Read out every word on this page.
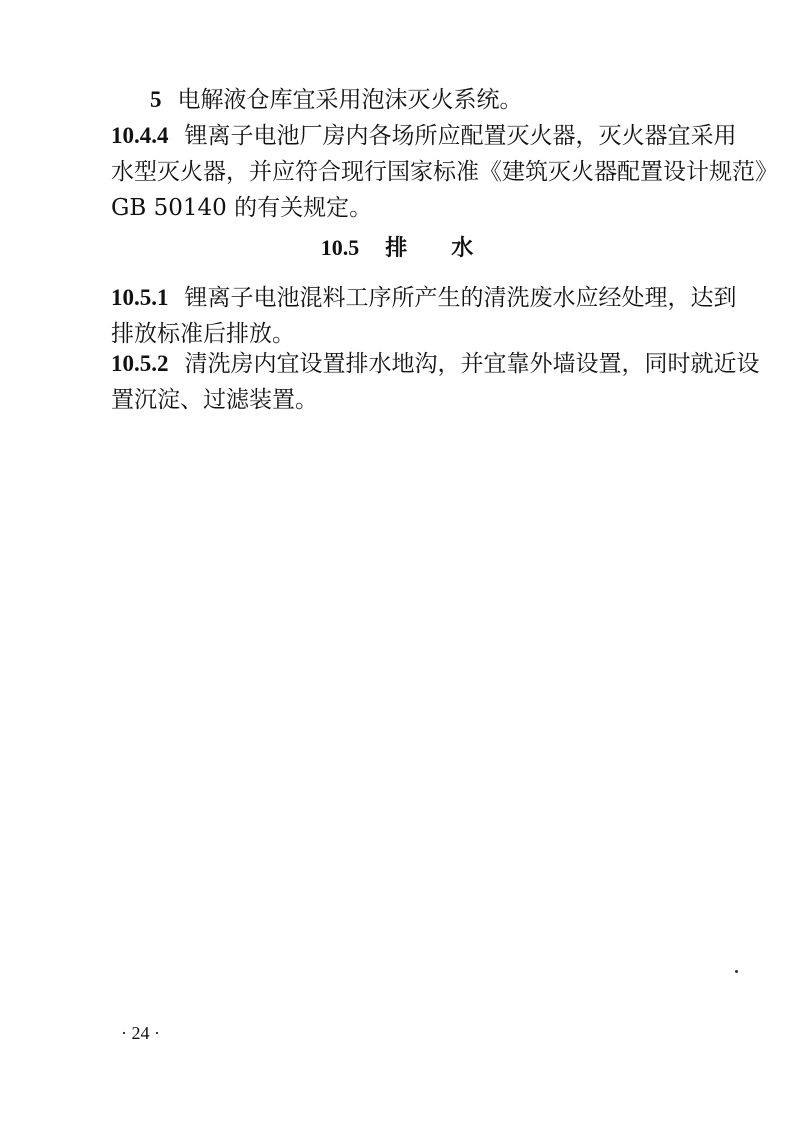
5 电解液仓库宜采用泡沫灭火系统。
10.4.4 锂离子电池厂房内各场所应配置灭火器，灭火器宜采用
水型灭火器，并应符合现行国家标准《建筑灭火器配置设计规范》
GB 50140 的有关规定。
10.5 排 水
10.5.1 锂离子电池混料工序所产生的清洗废水应经处理，达到
排放标准后排放。
10.5.2 清洗房内宜设置排水地沟，并宜靠外墙设置，同时就近设
置沉淀、过滤装置。
· 24 ·
